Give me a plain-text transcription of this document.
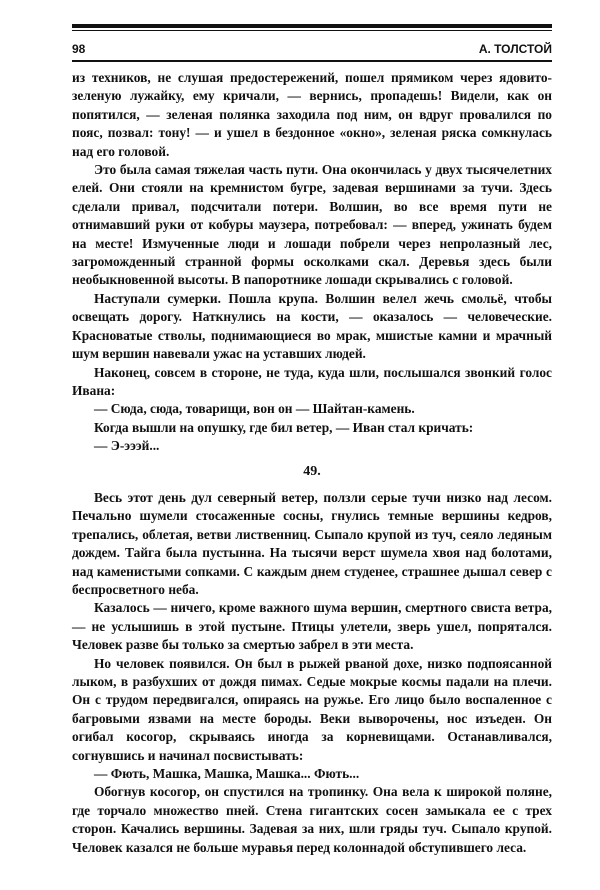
98	А. ТОЛСТОЙ

из техников, не слушая предостережений, пошел прямиком через ядовито-зеленую лужайку, ему кричали, — вернись, пропадешь! Видели, как он попятился, — зеленая полянка заходила под ним, он вдруг провалился по пояс, позвал: тону! — и ушел в бездонное «окно», зеленая ряска сомкнулась над его головой.

Это была самая тяжелая часть пути. Она окончилась у двух тысячелетних елей. Они стояли на кремнистом бугре, задевая вершинами за тучи. Здесь сделали привал, подсчитали потери. Волшин, во все время пути не отнимавший руки от кобуры маузера, потребовал: — вперед, ужинать будем на месте! Измученные люди и лошади побрели через непролазный лес, загроможденный странной формы осколками скал. Деревья здесь были необыкновенной высоты. В папоротнике лошади скрывались с головой.

Наступали сумерки. Пошла крупа. Волшин велел жечь смольё, чтобы освещать дорогу. Наткнулись на кости, — оказалось — человеческие. Красноватые стволы, поднимающиеся во мрак, мшистые камни и мрачный шум вершин навевали ужас на уставших людей.

Наконец, совсем в стороне, не туда, куда шли, послышался звонкий голос Ивана:

— Сюда, сюда, товарищи, вон он — Шайтан-камень.

Когда вышли на опушку, где бил ветер, — Иван стал кричать:

— Э-эээй...

49.

Весь этот день дул северный ветер, ползли серые тучи низко над лесом. Печально шумели стосаженные сосны, гнулись темные вершины кедров, трепались, облетая, ветви лиственниц. Сыпало крупой из туч, сеяло ледяным дождем. Тайга была пустынна. На тысячи верст шумела хвоя над болотами, над каменистыми сопками. С каждым днем студенее, страшнее дышал север с беспросветного неба.

Казалось — ничего, кроме важного шума вершин, смертного свиста ветра, — не услышишь в этой пустыне. Птицы улетели, зверь ушел, попрятался. Человек разве бы только за смертью забрел в эти места.

Но человек появился. Он был в рыжей рваной дохе, низко подпоясанной лыком, в разбухших от дождя пимах. Седые мокрые космы падали на плечи. Он с трудом передвигался, опираясь на ружье. Его лицо было воспаленное с багровыми язвами на месте бороды. Веки выворочены, нос изъеден. Он огибал косогор, скрываясь иногда за корневищами. Останавливался, согнувшись и начинал посвистывать:

— Фють, Машка, Машка, Машка... Фють...

Обогнув косогор, он спустился на тропинку. Она вела к широкой поляне, где торчало множество пней. Стена гигантских сосен замыкала ее с трех сторон. Качались вершины. Задевая за них, шли гряды туч. Сыпало крупой. Человек казался не больше муравья перед колоннадой обступившего леса.
